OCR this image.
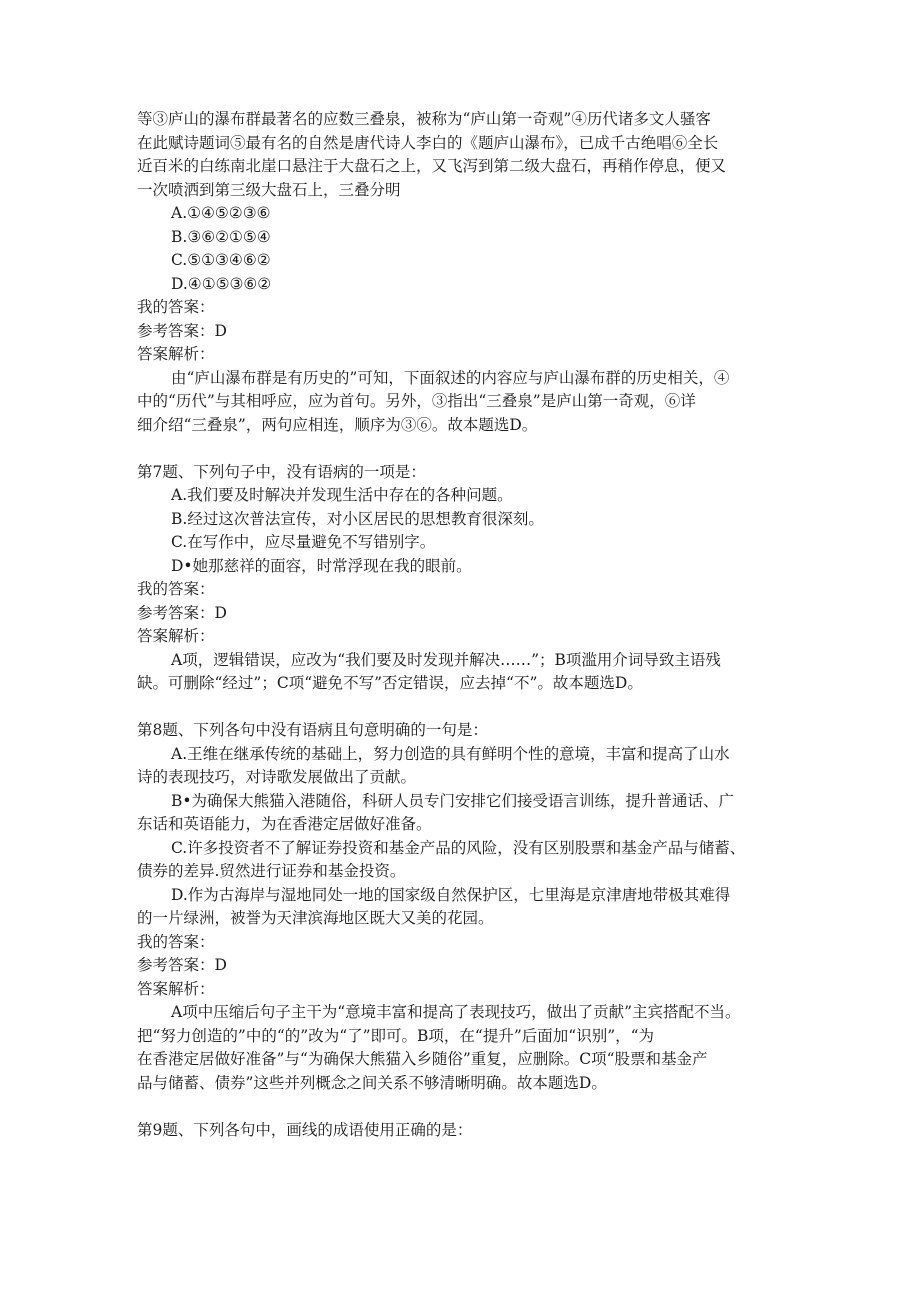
等③庐山的瀑布群最著名的应数三叠泉，被称为“庐山第一奇观”④历代诸多文人骚客

在此赋诗题词⑤最有名的自然是唐代诗人李白的《题庐山瀑布》，已成千古绝唱⑥全长

近百米的白练南北崖口悬注于大盘石之上，又飞泻到第二级大盘石，再稍作停息，便又

一次喷洒到第三级大盘石上，三叠分明

A.①④⑤②③⑥

B.③⑥②①⑤④

C.⑤①③④⑥②

D.④①⑤③⑥②

我的答案：

参考答案：D

答案解析：

由“庐山瀑布群是有历史的”可知，下面叙述的内容应与庐山瀑布群的历史相关，④

中的“历代”与其相呼应，应为首句。另外，③指出“三叠泉”是庐山第一奇观，⑥详

细介绍“三叠泉”，两句应相连，顺序为③⑥。故本题选D。

第7题、下列句子中，没有语病的一项是：

A.我们要及时解决并发现生活中存在的各种问题。

B.经过这次普法宣传，对小区居民的思想教育很深刻。

C.在写作中，应尽量避免不写错别字。

D•她那慈祥的面容，时常浮现在我的眼前。

我的答案：

参考答案：D

答案解析：

A项，逻辑错误，应改为“我们要及时发现并解决……”；B项滥用介词导致主语残

缺。可删除“经过”；C项“避免不写”否定错误，应去掉“不”。故本题选D。

第8题、下列各句中没有语病且句意明确的一句是：

A.王维在继承传统的基础上，努力创造的具有鲜明个性的意境，丰富和提高了山水

诗的表现技巧，对诗歌发展做出了贡献。

B•为确保大熊猫入港随俗，科研人员专门安排它们接受语言训练，提升普通话、广

东话和英语能力，为在香港定居做好准备。

C.许多投资者不了解证券投资和基金产品的风险，没有区别股票和基金产品与储蓄、

债券的差异.贸然进行证券和基金投资。

D.作为古海岸与湿地同处一地的国家级自然保护区，七里海是京津唐地带极其难得

的一片绿洲，被誉为天津滨海地区既大又美的花园。

我的答案：

参考答案：D

答案解析：

A项中压缩后句子主干为“意境丰富和提高了表现技巧，做出了贡献”主宾搭配不当。

把“努力创造的”中的“的”改为“了”即可。B项，在“提升”后面加“识别”，“为

在香港定居做好准备”与“为确保大熊猫入乡随俗”重复，应删除。C项“股票和基金产

品与储蓄、债券”这些并列概念之间关系不够清晰明确。故本题选D。

第9题、下列各句中，画线的成语使用正确的是：
